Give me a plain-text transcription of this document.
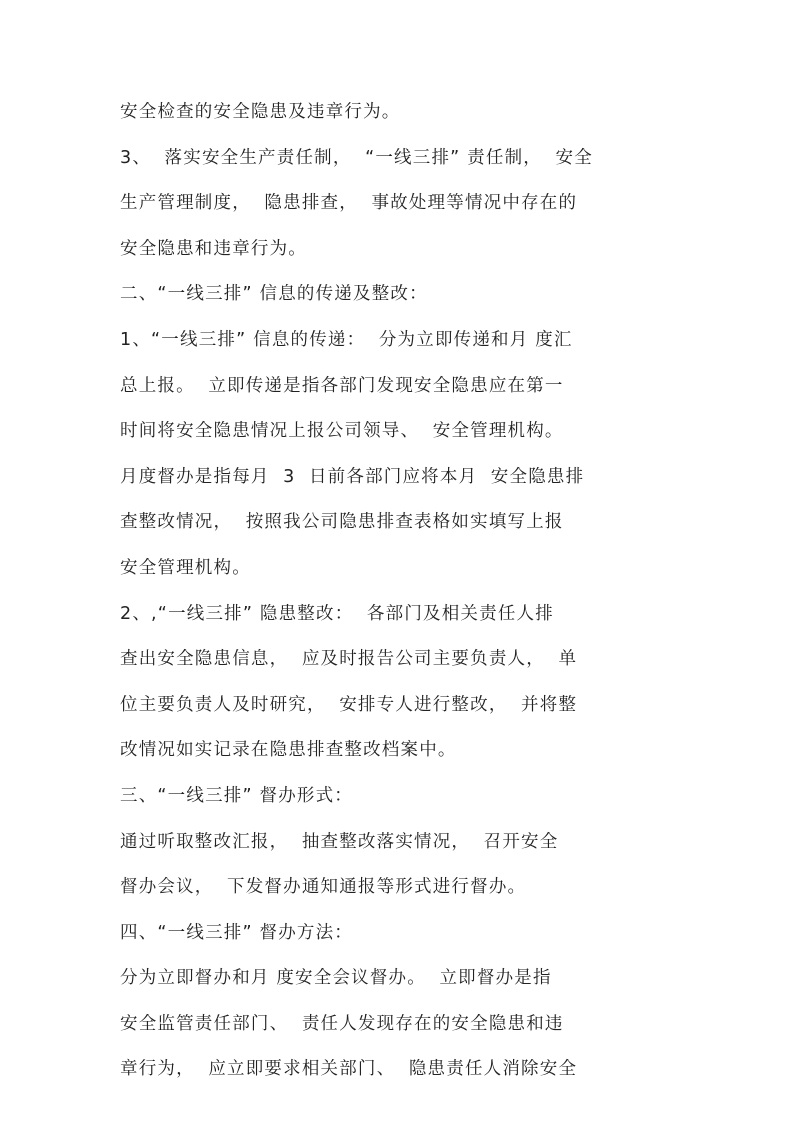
安全检查的安全隐患及违章行为。
3、  落实安全生产责任制，  “一线三排” 责任制，  安全
生产管理制度，  隐患排查，  事故处理等情况中存在的
安全隐患和违章行为。
二、“一线三排” 信息的传递及整改：
1、“一线三排” 信息的传递：  分为立即传递和月 度汇
总上报。  立即传递是指各部门发现安全隐患应在第一
时间将安全隐患情况上报公司领导、  安全管理机构。
月度督办是指每月  3  日前各部门应将本月  安全隐患排
查整改情况，  按照我公司隐患排查表格如实填写上报
安全管理机构。
2、,“一线三排” 隐患整改：  各部门及相关责任人排
查出安全隐患信息，  应及时报告公司主要负责人，  单
位主要负责人及时研究，  安排专人进行整改，  并将整
改情况如实记录在隐患排查整改档案中。
三、“一线三排” 督办形式：
通过听取整改汇报，  抽查整改落实情况，  召开安全
督办会议，  下发督办通知通报等形式进行督办。
四、“一线三排” 督办方法：
分为立即督办和月 度安全会议督办。  立即督办是指
安全监管责任部门、  责任人发现存在的安全隐患和违
章行为，  应立即要求相关部门、  隐患责任人消除安全
